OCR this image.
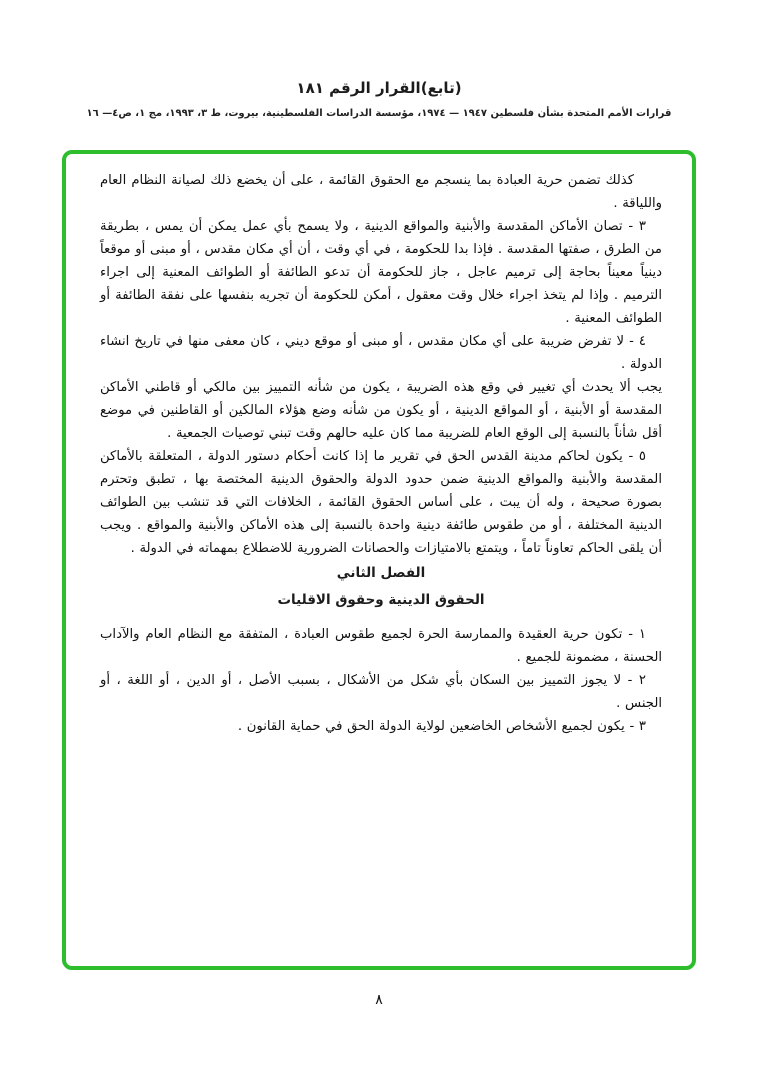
(تابع)القرار الرقم ١٨١
قرارات الأمم المتحدة بشأن فلسطين ١٩٤٧ — ١٩٧٤، مؤسسة الدراسات الفلسطينية، بيروت، ط ٣، ١٩٩٣، مج ١، ص٤— ١٦

كذلك تضمن حرية العبادة بما ينسجم مع الحقوق القائمة ، على أن يخضع ذلك لصيانة النظام العام واللياقة .

٣ - تصان الأماكن المقدسة والأبنية والمواقع الدينية ، ولا يسمح بأي عمل يمكن أن يمس ، بطريقة من الطرق ، صفتها المقدسة . فإذا بدا للحكومة ، في أي وقت ، أن أي مكان مقدس ، أو مبنى أو موقعاً دينياً معيناً بحاجة إلى ترميم عاجل ، جاز للحكومة أن تدعو الطائفة أو الطوائف المعنية إلى اجراء الترميم . وإذا لم يتخذ اجراء خلال وقت معقول ، أمكن للحكومة أن تجريه بنفسها على نفقة الطائفة أو الطوائف المعنية .

٤ - لا تفرض ضريبة على أي مكان مقدس ، أو مبنى أو موقع ديني ، كان معفى منها في تاريخ انشاء الدولة .

يجب ألا يحدث أي تغيير في وقع هذه الضريبة ، يكون من شأنه التمييز بين مالكي أو قاطني الأماكن المقدسة أو الأبنية ، أو المواقع الدينية ، أو يكون من شأنه وضع هؤلاء المالكين أو القاطنين في موضع أقل شأناً بالنسبة إلى الوقع العام للضريبة مما كان عليه حالهم وقت تبني توصيات الجمعية .

٥ - يكون لحاكم مدينة القدس الحق في تقرير ما إذا كانت أحكام دستور الدولة ، المتعلقة بالأماكن المقدسة والأبنية والمواقع الدينية ضمن حدود الدولة والحقوق الدينية المختصة بها ، تطبق وتحترم بصورة صحيحة ، وله أن يبت ، على أساس الحقوق القائمة ، الخلافات التي قد تنشب بين الطوائف الدينية المختلفة ، أو من طقوس طائفة دينية واحدة بالنسبة إلى هذه الأماكن والأبنية والمواقع . ويجب أن يلقى الحاكم تعاوناً تاماً ، ويتمتع بالامتيازات والحصانات الضرورية للاضطلاع بمهماته في الدولة .

الفصل الثاني
الحقوق الدينية وحقوق الاقليات

١ - تكون حرية العقيدة والممارسة الحرة لجميع طقوس العبادة ، المتفقة مع النظام العام والآداب الحسنة ، مضمونة للجميع .

٢ - لا يجوز التمييز بين السكان بأي شكل من الأشكال ، بسبب الأصل ، أو الدين ، أو اللغة ، أو الجنس .

٣ - يكون لجميع الأشخاص الخاضعين لولاية الدولة الحق في حماية القانون .

٨
